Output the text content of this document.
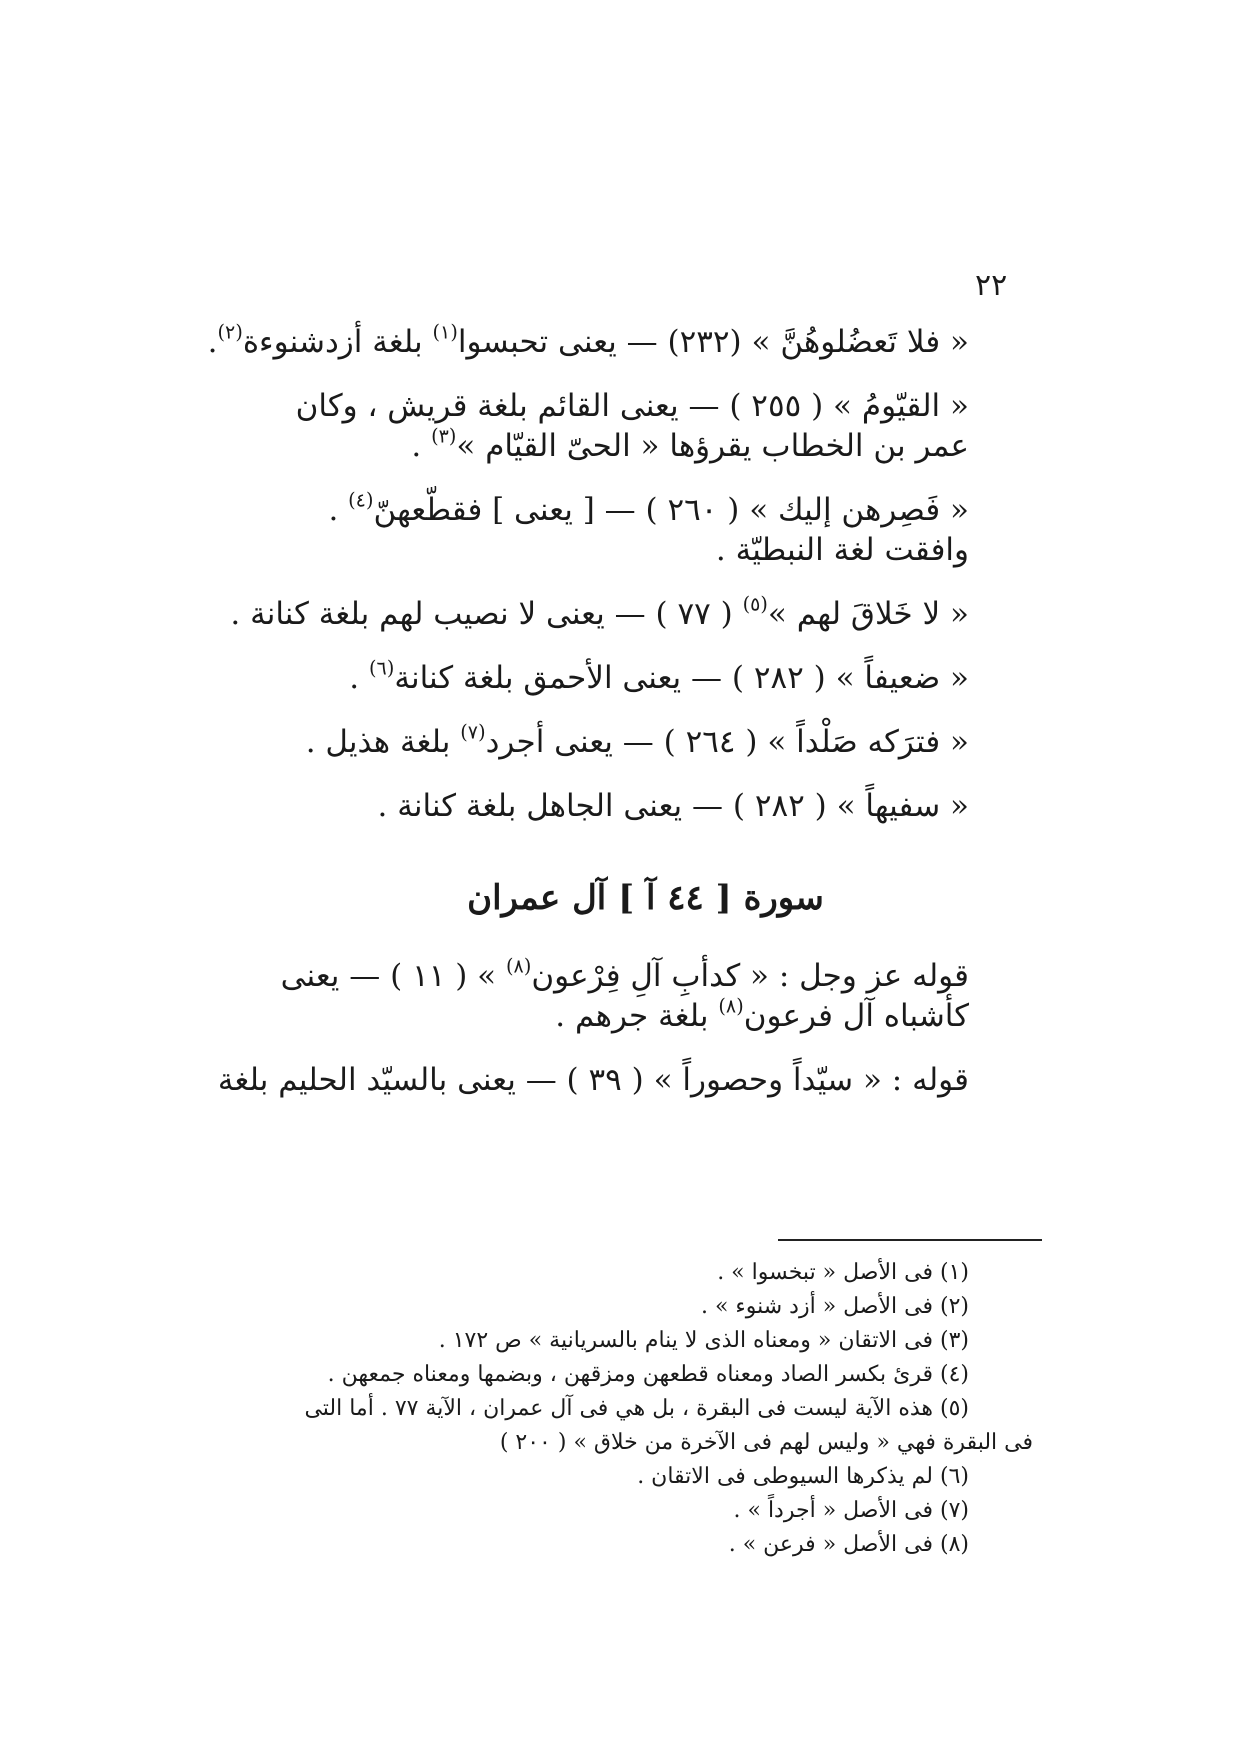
٢٢
« فلا تَعضُلوهُنَّ » (٢٣٢) — يعنى تحبسوا$^{(١)}$ بلغة أزدشنوءة$^{(٢)}$.
« القيّومُ » ( ٢٥٥ ) — يعنى القائم بلغة قريش ، وكان عمر بن الخطاب يقرؤها « الحىّ القيّام »$^{(٣)}$ .
« فَصِرهن إليك » ( ٢٦٠ ) — [ يعنى ] فقطّعهنّ$^{(٤)}$ . وافقت لغة النبطيّة .
« لا خَلاقَ لهم »$^{(٥)}$ ( ٧٧ ) — يعنى لا نصيب لهم بلغة كنانة .
« ضعيفاً » ( ٢٨٢ ) — يعنى الأحمق بلغة كنانة$^{(٦)}$ .
« فترَكه صَلْداً » ( ٢٦٤ ) — يعنى أجرد$^{(٧)}$ بلغة هذيل .
« سفيهاً » ( ٢٨٢ ) — يعنى الجاهل بلغة كنانة .
سورة [ ٤٤ آ ] آل عمران
قوله عز وجل : « كدأبِ آلِ فِرْعون$^{(٨)}$ » ( ١١ ) — يعنى كأشباه آل فرعون$^{(٨)}$ بلغة جرهم .
قوله : « سيّداً وحصوراً » ( ٣٩ ) — يعنى بالسيّد الحليم بلغة
(١) فى الأصل « تبخسوا » .
(٢) فى الأصل « أزد شنوء » .
(٣) فى الاتقان « ومعناه الذى لا ينام بالسريانية » ص ١٧٢ .
(٤) قرئ بكسر الصاد ومعناه قطعهن ومزقهن ، وبضمها ومعناه جمعهن .
(٥) هذه الآية ليست فى البقرة ، بل هي فى آل عمران ، الآية ٧٧ . أما التى
فى البقرة فهي « وليس لهم فى الآخرة من خلاق » ( ٢٠٠ )
(٦) لم يذكرها السيوطى فى الاتقان .
(٧) فى الأصل « أجرداً » .
(٨) فى الأصل « فرعن » .
